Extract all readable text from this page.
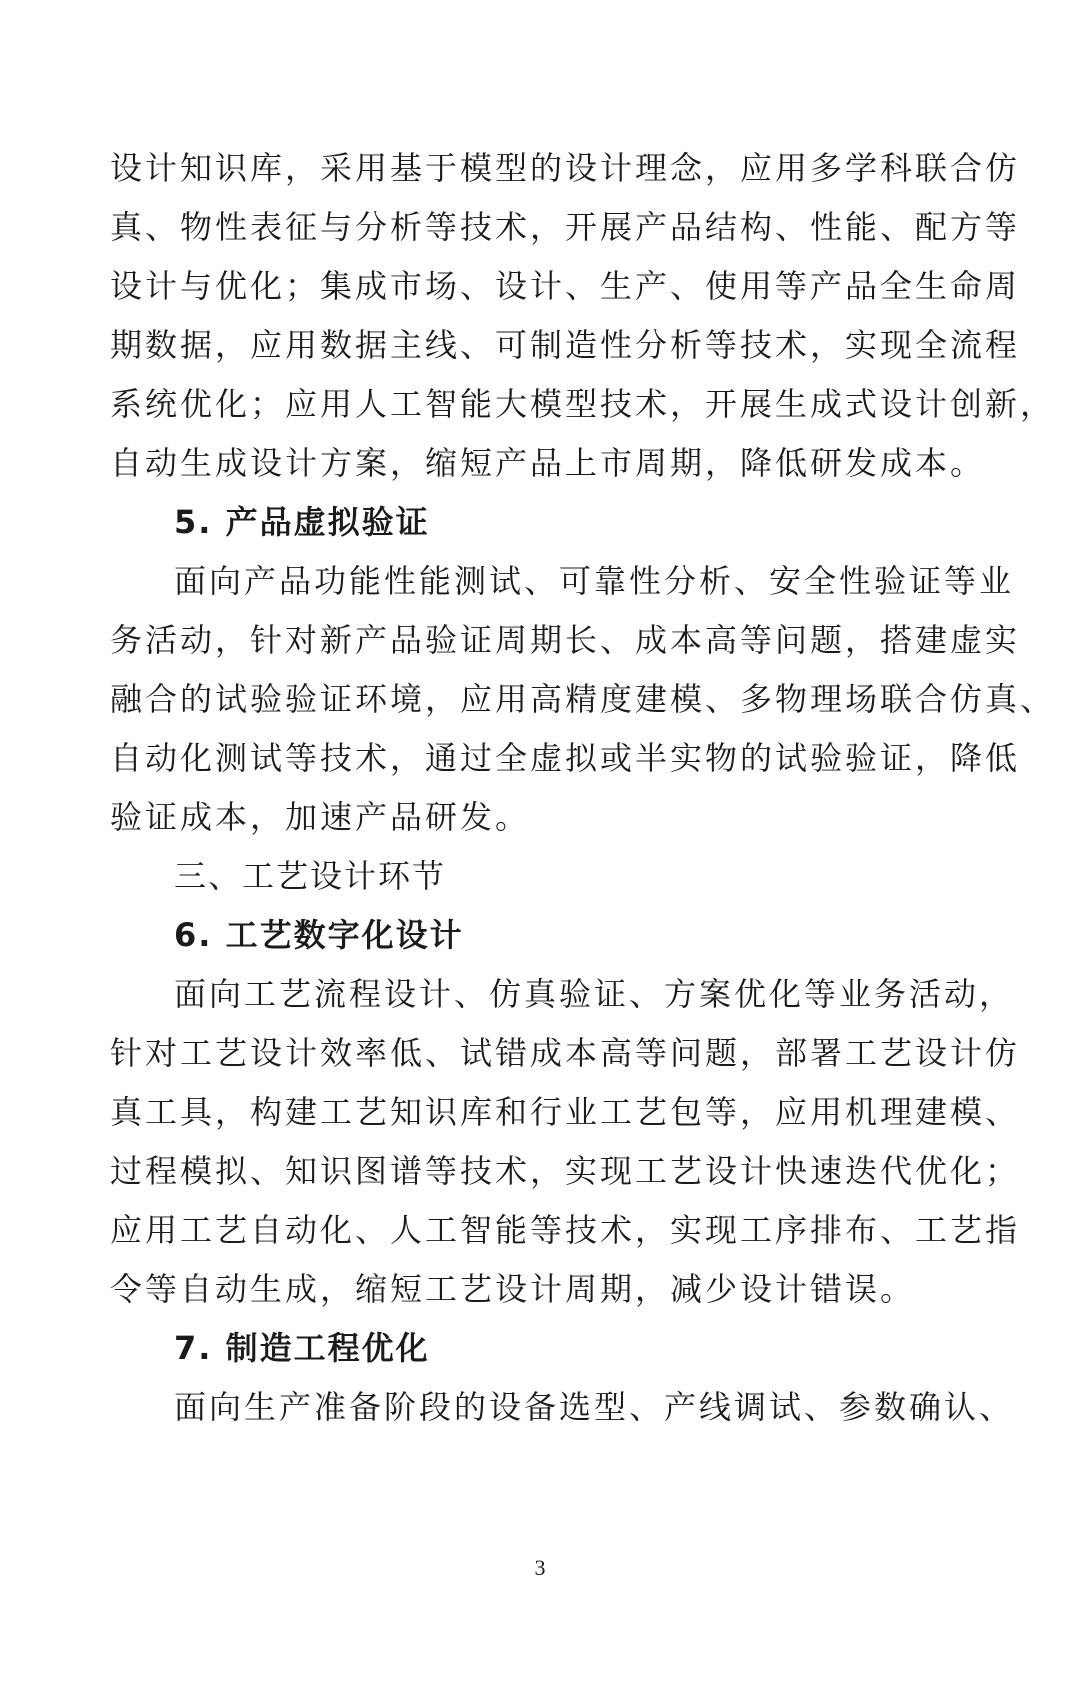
设计知识库，采用基于模型的设计理念，应用多学科联合仿
真、物性表征与分析等技术，开展产品结构、性能、配方等
设计与优化；集成市场、设计、生产、使用等产品全生命周
期数据，应用数据主线、可制造性分析等技术，实现全流程
系统优化；应用人工智能大模型技术，开展生成式设计创新，
自动生成设计方案，缩短产品上市周期，降低研发成本。
5. 产品虚拟验证
面向产品功能性能测试、可靠性分析、安全性验证等业
务活动，针对新产品验证周期长、成本高等问题，搭建虚实
融合的试验验证环境，应用高精度建模、多物理场联合仿真、
自动化测试等技术，通过全虚拟或半实物的试验验证，降低
验证成本，加速产品研发。
三、工艺设计环节
6. 工艺数字化设计
面向工艺流程设计、仿真验证、方案优化等业务活动，
针对工艺设计效率低、试错成本高等问题，部署工艺设计仿
真工具，构建工艺知识库和行业工艺包等，应用机理建模、
过程模拟、知识图谱等技术，实现工艺设计快速迭代优化；
应用工艺自动化、人工智能等技术，实现工序排布、工艺指
令等自动生成，缩短工艺设计周期，减少设计错误。
7. 制造工程优化
面向生产准备阶段的设备选型、产线调试、参数确认、
3
